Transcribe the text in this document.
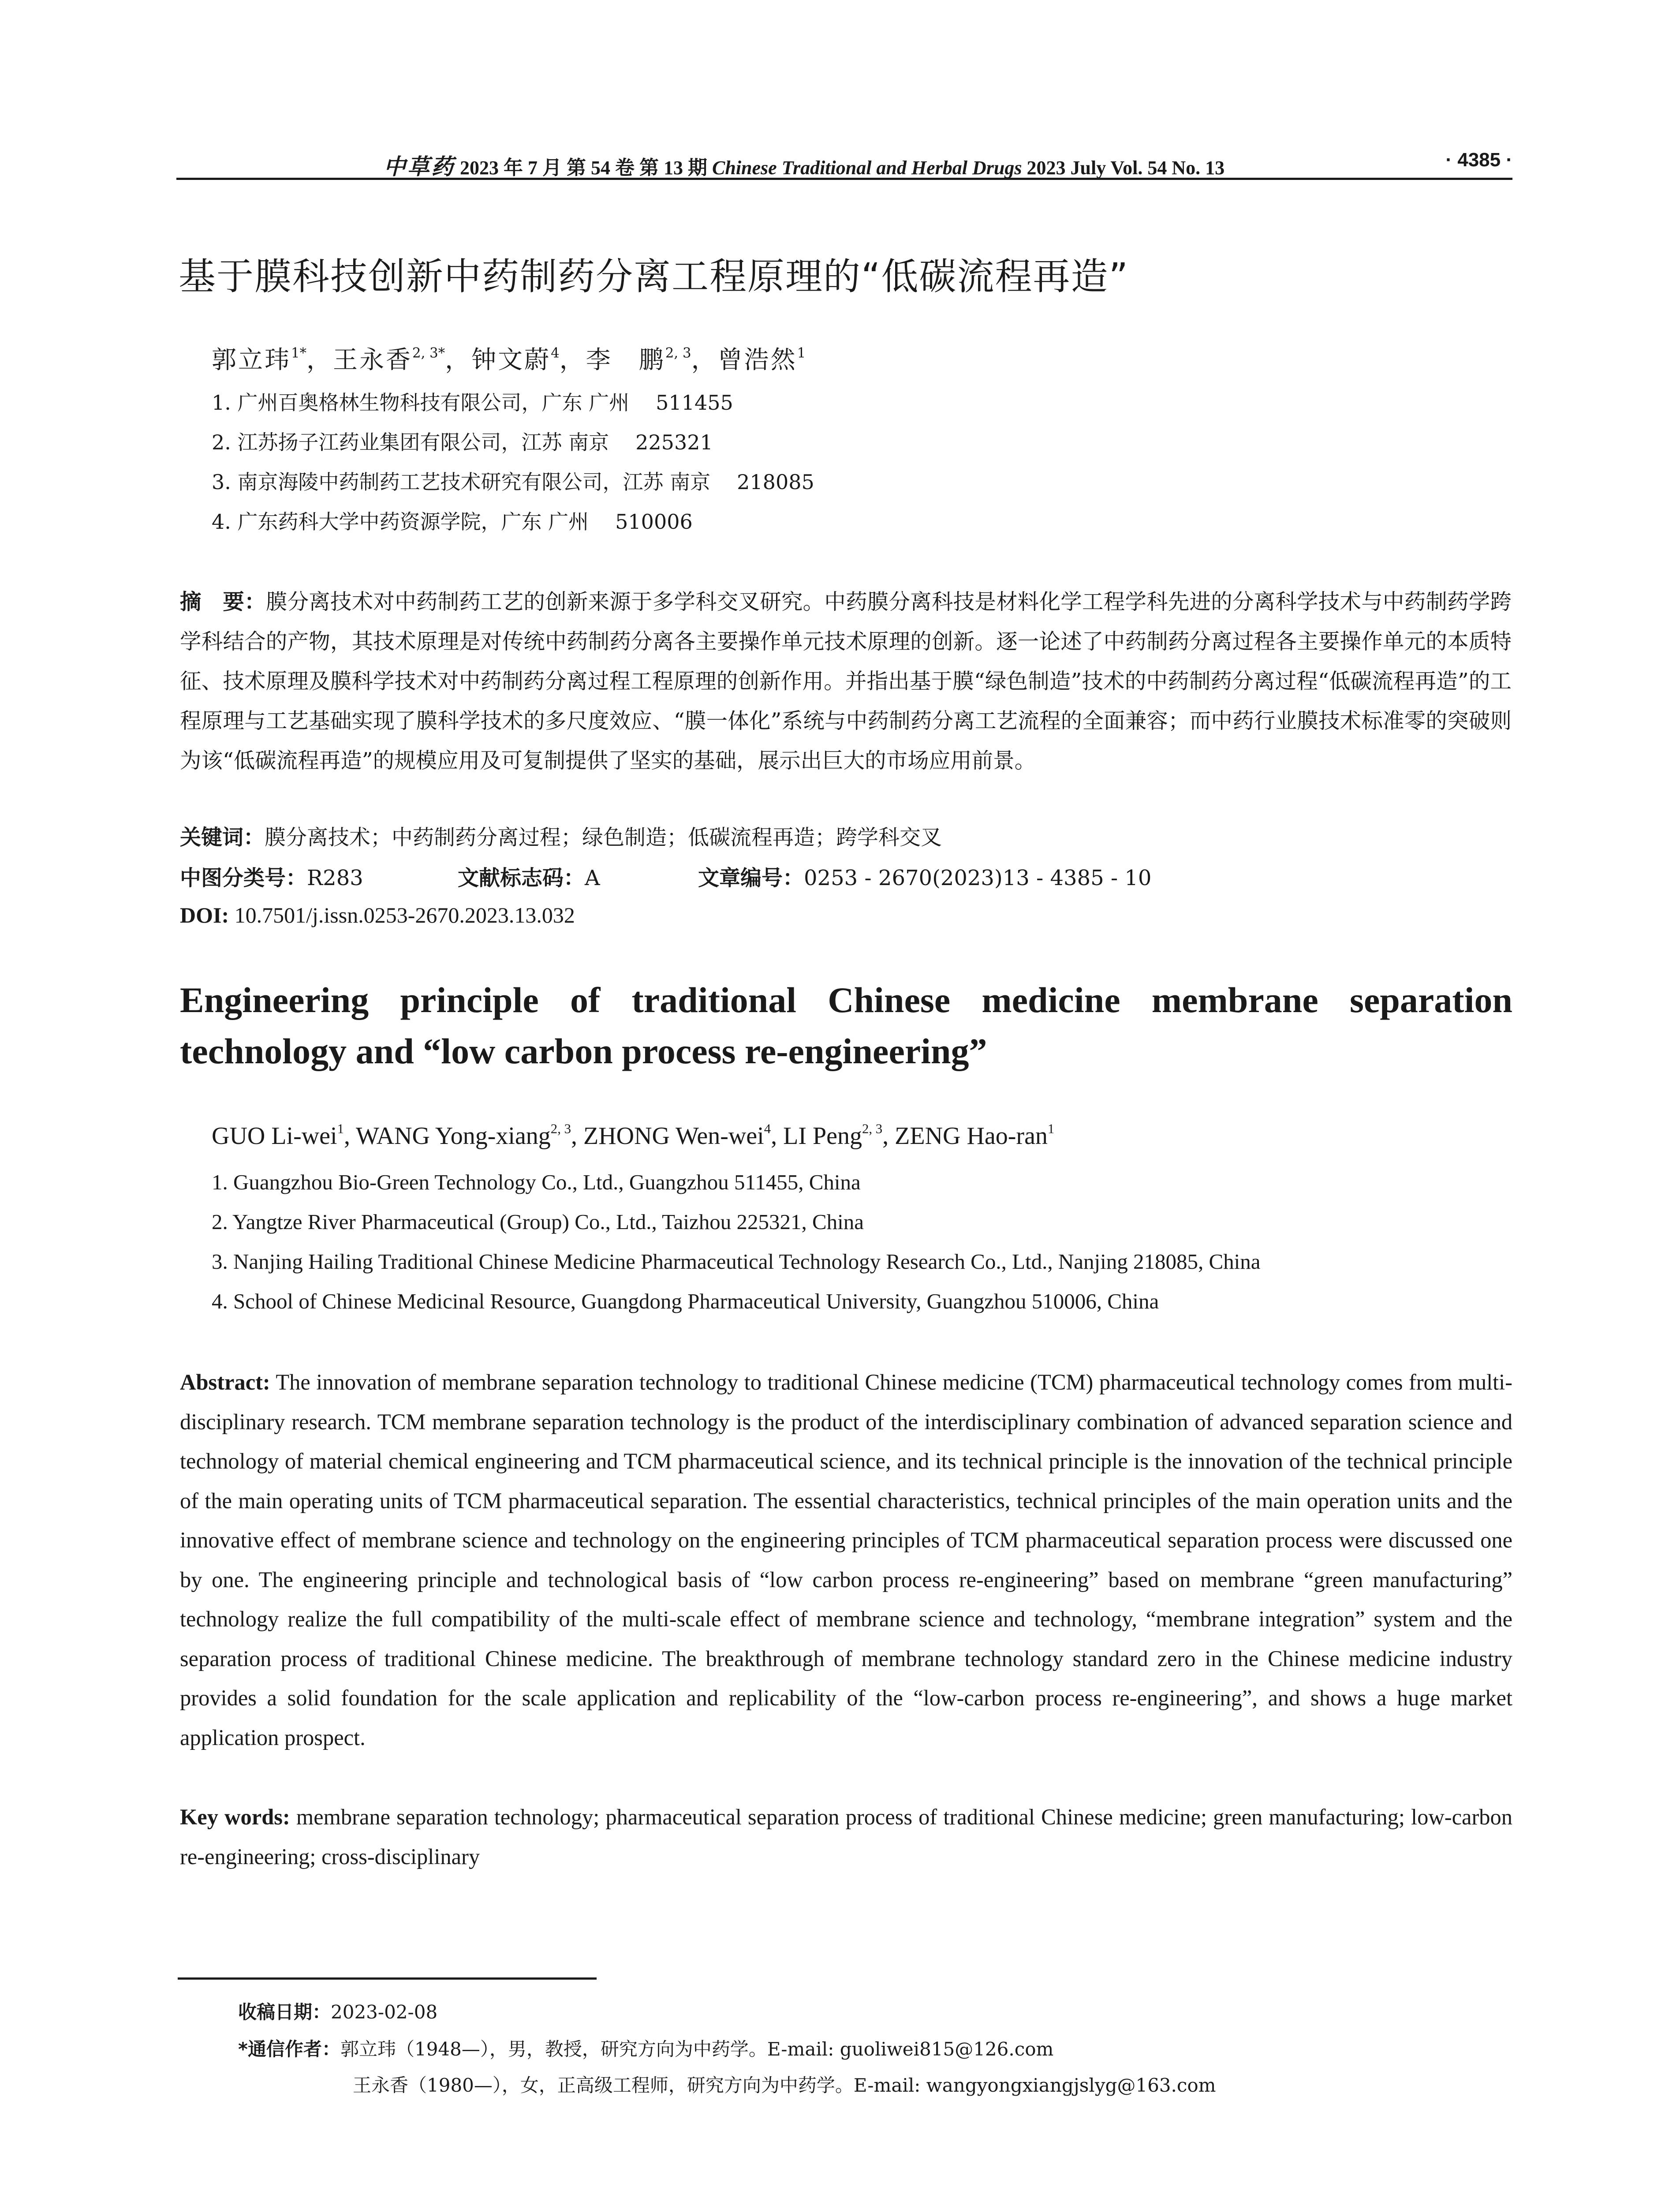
中草药 2023 年 7 月 第 54 卷 第 13 期 Chinese Traditional and Herbal Drugs 2023 July Vol. 54 No. 13	· 4385 ·
基于膜科技创新中药制药分离工程原理的“低碳流程再造”
郭立玮$^{1*}$，王永香$^{2, 3*}$，钟文蔚$^4$，李　鹏$^{2, 3}$，曾浩然$^1$
1. 广州百奥格林生物科技有限公司，广东 广州 511455
2. 江苏扬子江药业集团有限公司，江苏 南京 225321
3. 南京海陵中药制药工艺技术研究有限公司，江苏 南京 218085
4. 广东药科大学中药资源学院，广东 广州 510006
摘　要：膜分离技术对中药制药工艺的创新来源于多学科交叉研究。中药膜分离科技是材料化学工程学科先进的分离科学技术与中药制药学跨学科结合的产物，其技术原理是对传统中药制药分离各主要操作单元技术原理的创新。逐一论述了中药制药分离过程各主要操作单元的本质特征、技术原理及膜科学技术对中药制药分离过程工程原理的创新作用。并指出基于膜“绿色制造”技术的中药制药分离过程“低碳流程再造”的工程原理与工艺基础实现了膜科学技术的多尺度效应、“膜一体化”系统与中药制药分离工艺流程的全面兼容；而中药行业膜技术标准零的突破则为该“低碳流程再造”的规模应用及可复制提供了坚实的基础，展示出巨大的市场应用前景。
关键词：膜分离技术；中药制药分离过程；绿色制造；低碳流程再造；跨学科交叉
中图分类号：R283	文献标志码：A	文章编号：0253 - 2670(2023)13 - 4385 - 10
DOI: 10.7501/j.issn.0253-2670.2023.13.032
Engineering principle of traditional Chinese medicine membrane separation technology and “low carbon process re-engineering”
GUO Li-wei$^1$, WANG Yong-xiang$^{2, 3}$, ZHONG Wen-wei$^4$, LI Peng$^{2, 3}$, ZENG Hao-ran$^1$
1. Guangzhou Bio-Green Technology Co., Ltd., Guangzhou 511455, China
2. Yangtze River Pharmaceutical (Group) Co., Ltd., Taizhou 225321, China
3. Nanjing Hailing Traditional Chinese Medicine Pharmaceutical Technology Research Co., Ltd., Nanjing 218085, China
4. School of Chinese Medicinal Resource, Guangdong Pharmaceutical University, Guangzhou 510006, China
Abstract: The innovation of membrane separation technology to traditional Chinese medicine (TCM) pharmaceutical technology comes from multi-disciplinary research. TCM membrane separation technology is the product of the interdisciplinary combination of advanced separation science and technology of material chemical engineering and TCM pharmaceutical science, and its technical principle is the innovation of the technical principle of the main operating units of TCM pharmaceutical separation. The essential characteristics, technical principles of the main operation units and the innovative effect of membrane science and technology on the engineering principles of TCM pharmaceutical separation process were discussed one by one. The engineering principle and technological basis of “low carbon process re-engineering” based on membrane “green manufacturing” technology realize the full compatibility of the multi-scale effect of membrane science and technology, “membrane integration” system and the separation process of traditional Chinese medicine. The breakthrough of membrane technology standard zero in the Chinese medicine industry provides a solid foundation for the scale application and replicability of the “low-carbon process re-engineering”, and shows a huge market application prospect.
Key words: membrane separation technology; pharmaceutical separation process of traditional Chinese medicine; green manufacturing; low-carbon re-engineering; cross-disciplinary
收稿日期：2023-02-08
*通信作者：郭立玮（1948—），男，教授，研究方向为中药学。E-mail: guoliwei815@126.com
王永香（1980—），女，正高级工程师，研究方向为中药学。E-mail: wangyongxiangjslyg@163.com
